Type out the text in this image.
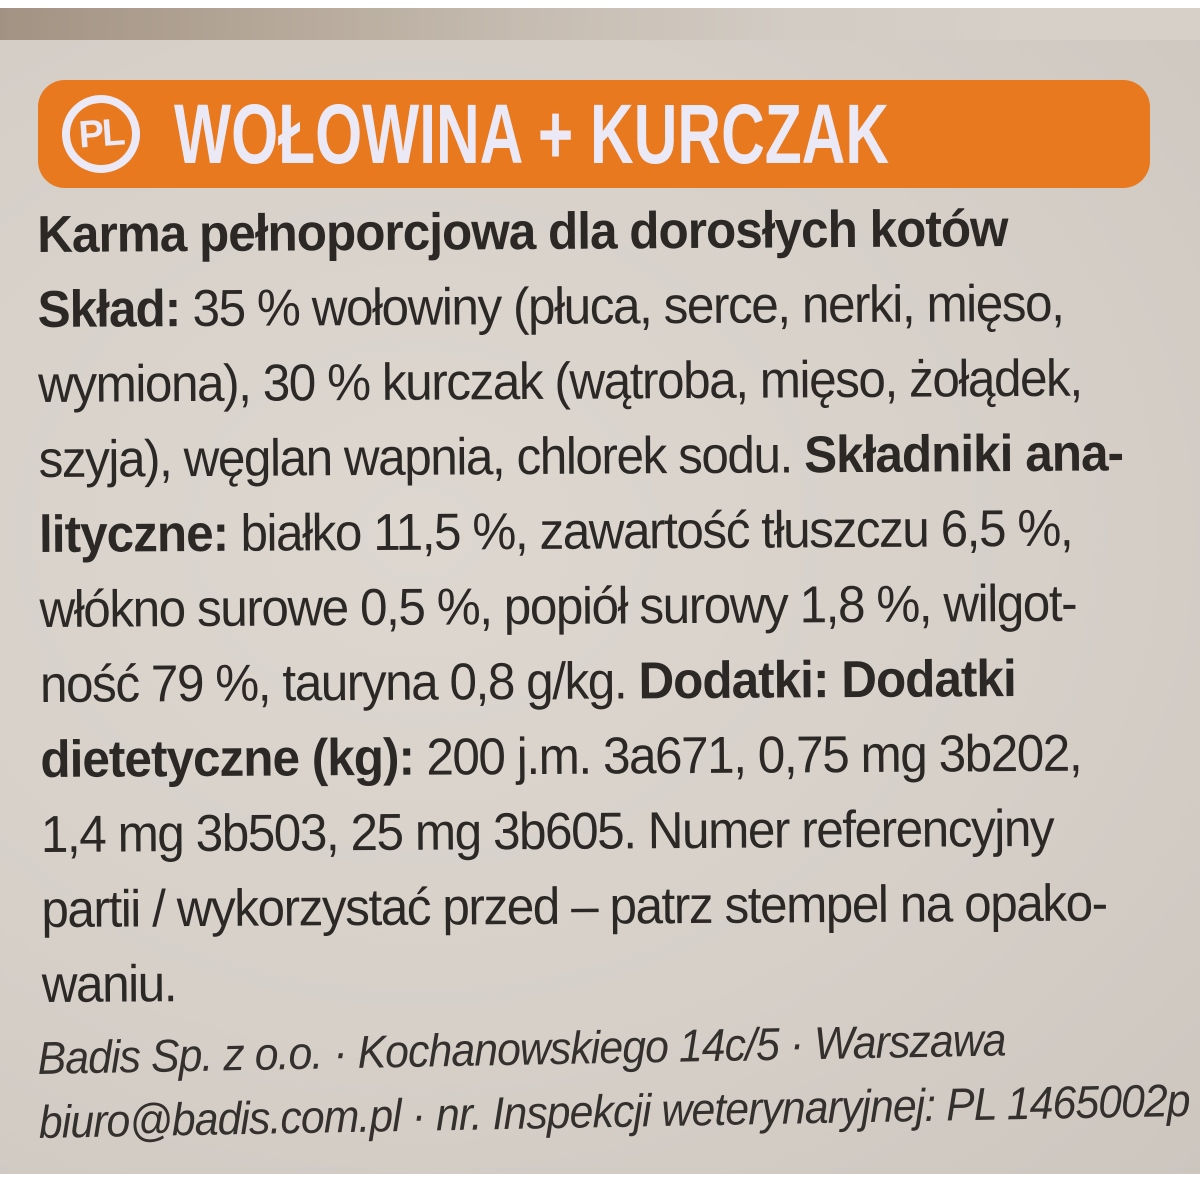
PL WOŁOWINA + KURCZAK
Karma pełnoporcjowa dla dorosłych kotów
Skład: 35 % wołowiny (płuca, serce, nerki, mięso,
wymiona), 30 % kurczak (wątroba, mięso, żołądek,
szyja), węglan wapnia, chlorek sodu. Składniki ana-
lityczne: białko 11,5 %, zawartość tłuszczu 6,5 %,
włókno surowe 0,5 %, popiół surowy 1,8 %, wilgot-
ność 79 %, tauryna 0,8 g/kg. Dodatki: Dodatki
dietetyczne (kg): 200 j.m. 3a671, 0,75 mg 3b202,
1,4 mg 3b503, 25 mg 3b605. Numer referencyjny
partii / wykorzystać przed – patrz stempel na opako-
waniu.
Badis Sp. z o.o. · Kochanowskiego 14c/5 · Warszawa
biuro@badis.com.pl · nr. Inspekcji weterynaryjnej: PL 1465002p
